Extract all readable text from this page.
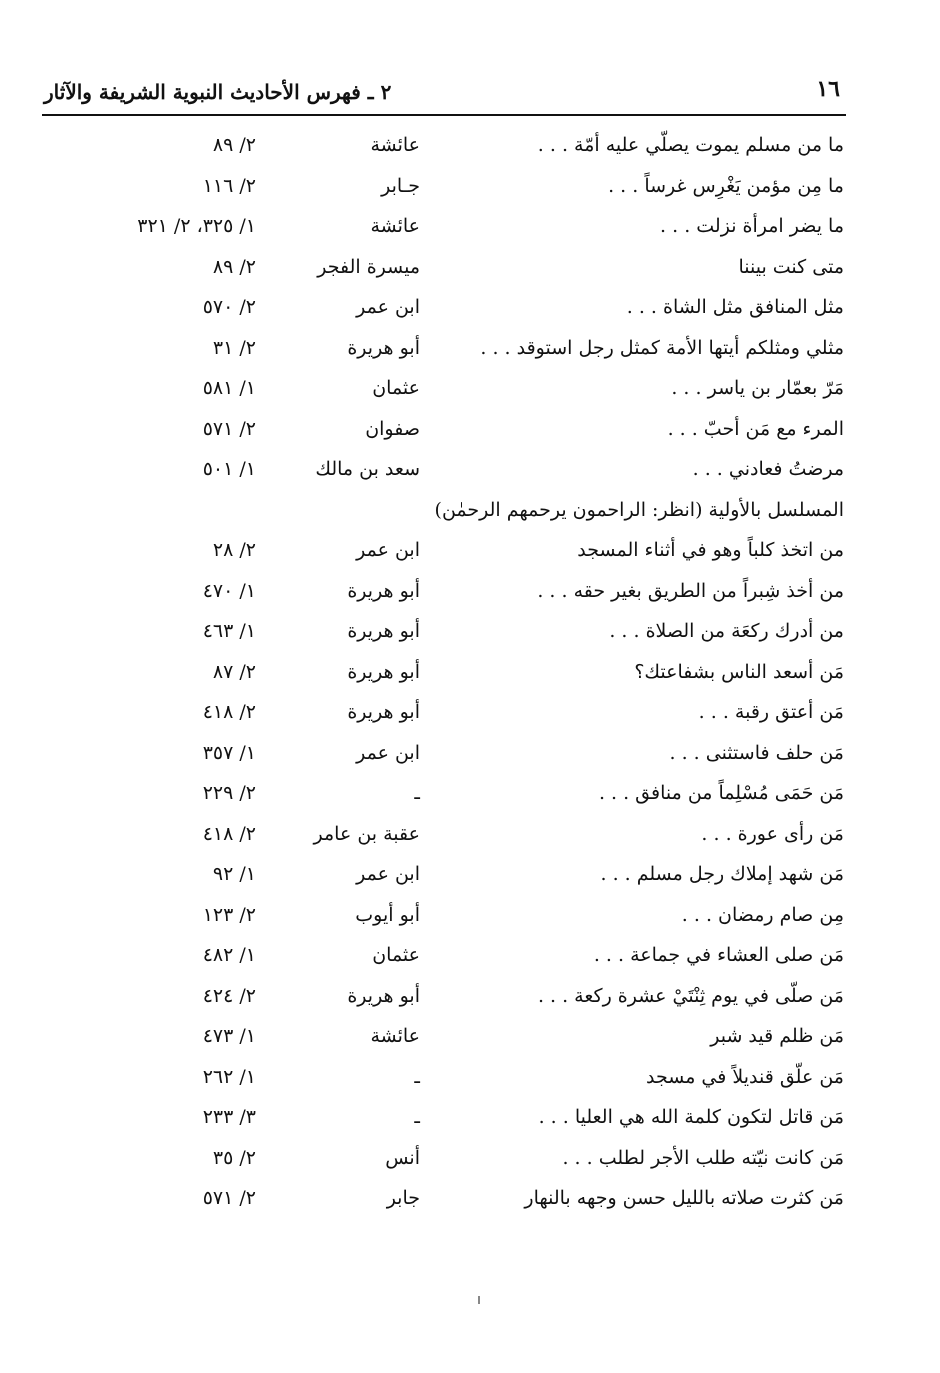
١٦
٢ ـ فهرس الأحاديث النبوية الشريفة والآثار
ما من مسلم يموت يصلّي عليه أمّة . . .
عائشة
٢/ ٨٩
ما مِن مؤمن يَغْرِس غرساً . . .
جـابر
٢/ ١١٦
ما يضر امرأة نزلت . . .
عائشة
١/ ٣٢٥، ٢/ ٣٢١
متى كنت بيننا
ميسرة الفجر
٢/ ٨٩
مثل المنافق مثل الشاة . . .
ابن عمر
٢/ ٥٧٠
مثلي ومثلكم أيتها الأمة كمثل رجل استوقد . . .
أبو هريرة
٢/ ٣١
مَرّ بعمّار بن ياسر . . .
عثمان
١/ ٥٨١
المرء مع مَن أحبّ . . .
صفوان
٢/ ٥٧١
مرضتُ فعادني . . .
سعد بن مالك
١/ ٥٠١
المسلسل بالأولية (انظر: الراحمون يرحمهم الرحمٰن)
من اتخذ كلباً وهو في أثناء المسجد
ابن عمر
٢/ ٢٨
من أخذ شِبراً من الطريق بغير حقه . . .
أبو هريرة
١/ ٤٧٠
من أدرك ركعَة من الصلاة . . .
أبو هريرة
١/ ٤٦٣
مَن أسعد الناس بشفاعتك؟
أبو هريرة
٢/ ٨٧
مَن أعتق رقبة . . .
أبو هريرة
٢/ ٤١٨
مَن حلف فاستثنى . . .
ابن عمر
١/ ٣٥٧
مَن حَمَى مُسْلِماً من منافق . . .
ـ
٢/ ٢٢٩
مَن رأى عورة . . .
عقبة بن عامر
٢/ ٤١٨
مَن شهد إملاك رجل مسلم . . .
ابن عمر
١/ ٩٢
مِن صام رمضان . . .
أبو أيوب
٢/ ١٢٣
مَن صلى العشاء في جماعة . . .
عثمان
١/ ٤٨٢
مَن صلّى في يوم ثِنْتَيْ عشرة ركعة . . .
أبو هريرة
٢/ ٤٢٤
مَن ظلم قيد شبر
عائشة
١/ ٤٧٣
مَن علّق قنديلاً في مسجد
ـ
١/ ٢٦٢
مَن قاتل لتكون كلمة الله هي العليا . . .
ـ
٣/ ٢٣٣
مَن كانت نيّته طلب الأجر لطلب . . .
أنس
٢/ ٣٥
مَن كثرت صلاته بالليل حسن وجهه بالنهار
جابر
٢/ ٥٧١
